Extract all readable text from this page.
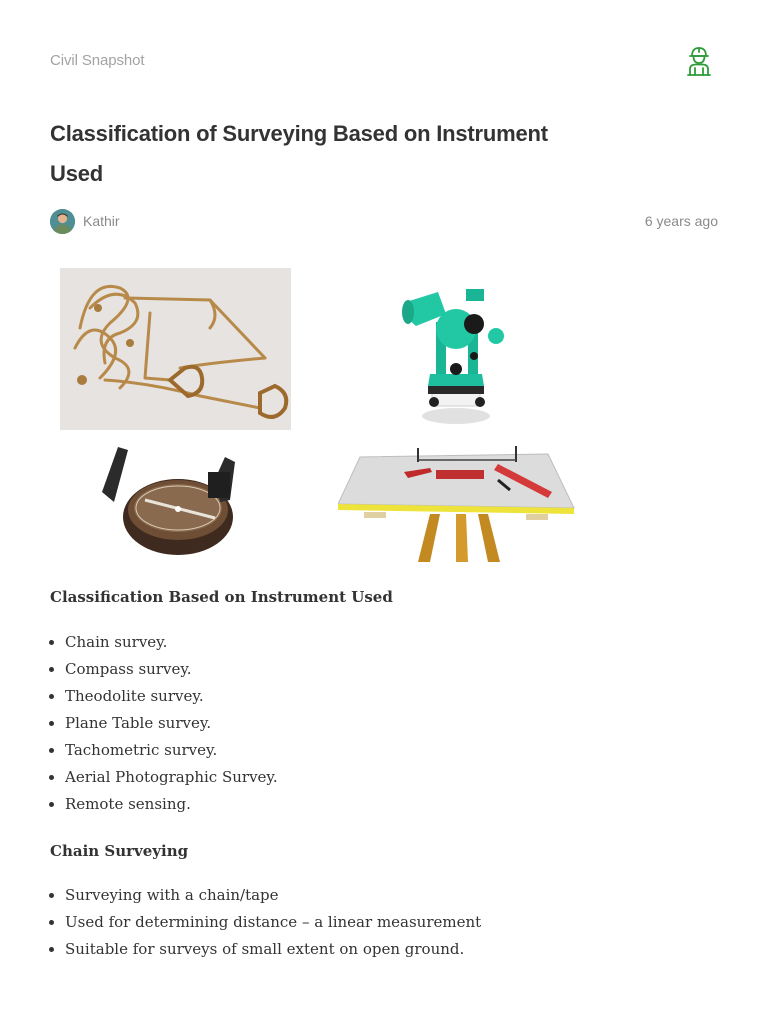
Civil Snapshot
Classification of Surveying Based on Instrument Used
Kathir	6 years ago
Classification Based on Instrument Used
• Chain survey.
• Compass survey.
• Theodolite survey.
• Plane Table survey.
• Tachometric survey.
• Aerial Photographic Survey.
• Remote sensing.
Chain Surveying
• Surveying with a chain/tape
• Used for determining distance – a linear measurement
• Suitable for surveys of small extent on open ground.
